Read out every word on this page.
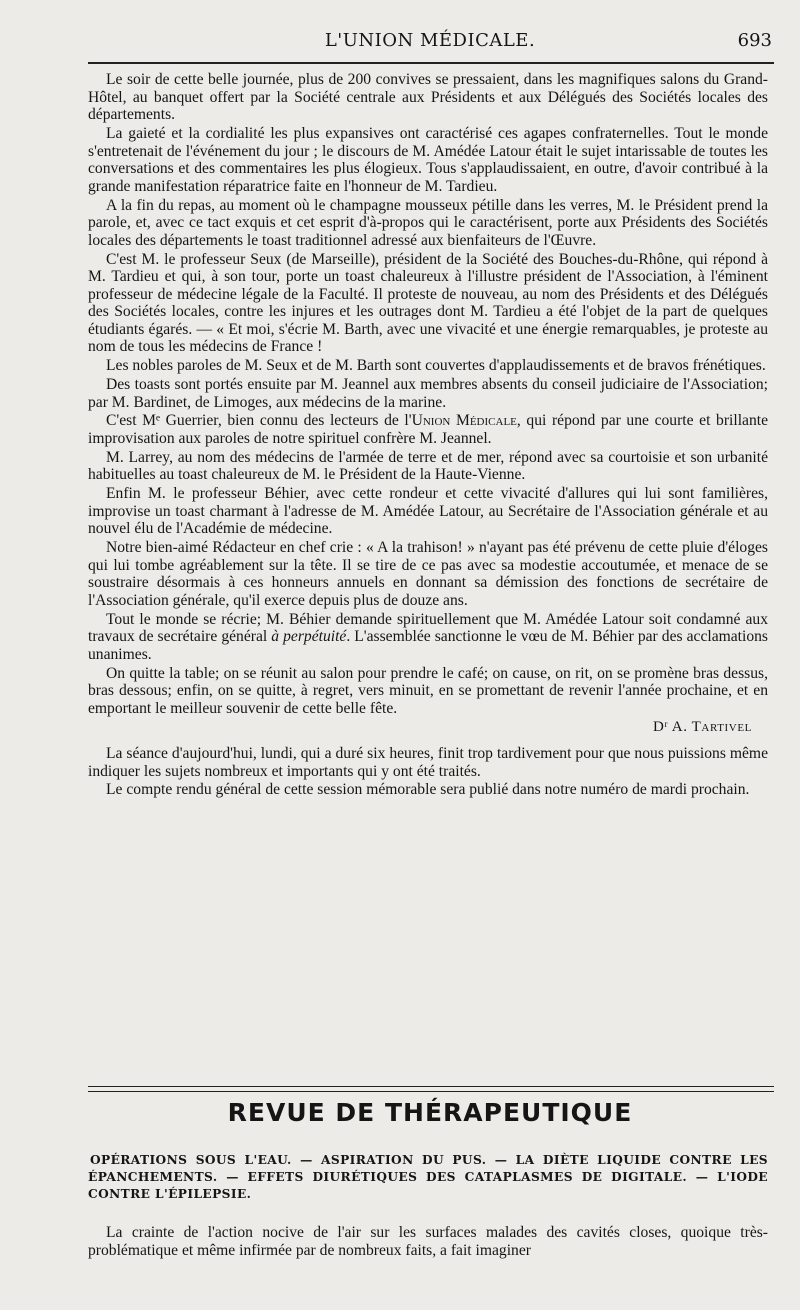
L'UNION MÉDICALE.	693

Le soir de cette belle journée, plus de 200 convives se pressaient, dans les magnifiques salons du Grand-Hôtel, au banquet offert par la Société centrale aux Présidents et aux Délégués des Sociétés locales des départements.

La gaieté et la cordialité les plus expansives ont caractérisé ces agapes confraternelles. Tout le monde s'entretenait de l'événement du jour ; le discours de M. Amédée Latour était le sujet intarissable de toutes les conversations et des commentaires les plus élogieux. Tous s'applaudissaient, en outre, d'avoir contribué à la grande manifestation réparatrice faite en l'honneur de M. Tardieu.

A la fin du repas, au moment où le champagne mousseux pétille dans les verres, M. le Président prend la parole, et, avec ce tact exquis et cet esprit d'à-propos qui le caractérisent, porte aux Présidents des Sociétés locales des départements le toast traditionnel adressé aux bienfaiteurs de l'Œuvre.

C'est M. le professeur Seux (de Marseille), président de la Société des Bouches-du-Rhône, qui répond à M. Tardieu et qui, à son tour, porte un toast chaleureux à l'illustre président de l'Association, à l'éminent professeur de médecine légale de la Faculté. Il proteste de nouveau, au nom des Présidents et des Délégués des Sociétés locales, contre les injures et les outrages dont M. Tardieu a été l'objet de la part de quelques étudiants égarés. — « Et moi, s'écrie M. Barth, avec une vivacité et une énergie remarquables, je proteste au nom de tous les médecins de France !

Les nobles paroles de M. Seux et de M. Barth sont couvertes d'applaudissements et de bravos frénétiques.

Des toasts sont portés ensuite par M. Jeannel aux membres absents du conseil judiciaire de l'Association; par M. Bardinet, de Limoges, aux médecins de la marine.

C'est Mᵉ Guerrier, bien connu des lecteurs de l'Union Médicale, qui répond par une courte et brillante improvisation aux paroles de notre spirituel confrère M. Jeannel.

M. Larrey, au nom des médecins de l'armée de terre et de mer, répond avec sa courtoisie et son urbanité habituelles au toast chaleureux de M. le Président de la Haute-Vienne.

Enfin M. le professeur Béhier, avec cette rondeur et cette vivacité d'allures qui lui sont familières, improvise un toast charmant à l'adresse de M. Amédée Latour, au Secrétaire de l'Association générale et au nouvel élu de l'Académie de médecine.

Notre bien-aimé Rédacteur en chef crie : « A la trahison! » n'ayant pas été prévenu de cette pluie d'éloges qui lui tombe agréablement sur la tête. Il se tire de ce pas avec sa modestie accoutumée, et menace de se soustraire désormais à ces honneurs annuels en donnant sa démission des fonctions de secrétaire de l'Association générale, qu'il exerce depuis plus de douze ans.

Tout le monde se récrie; M. Béhier demande spirituellement que M. Amédée Latour soit condamné aux travaux de secrétaire général à perpétuité. L'assemblée sanctionne le vœu de M. Béhier par des acclamations unanimes.

On quitte la table; on se réunit au salon pour prendre le café; on cause, on rit, on se promène bras dessus, bras dessous; enfin, on se quitte, à regret, vers minuit, en se promettant de revenir l'année prochaine, et en emportant le meilleur souvenir de cette belle fête.

Dʳ A. Tartivel

La séance d'aujourd'hui, lundi, qui a duré six heures, finit trop tardivement pour que nous puissions même indiquer les sujets nombreux et importants qui y ont été traités.

Le compte rendu général de cette session mémorable sera publié dans notre numéro de mardi prochain.

REVUE DE THÉRAPEUTIQUE
OPÉRATIONS SOUS L'EAU. — ASPIRATION DU PUS. — LA DIÈTE LIQUIDE CONTRE LES ÉPANCHEMENTS. — EFFETS DIURÉTIQUES DES CATAPLASMES DE DIGITALE. — L'IODE CONTRE L'ÉPILEPSIE.

La crainte de l'action nocive de l'air sur les surfaces malades des cavités closes, quoique très-problématique et même infirmée par de nombreux faits, a fait imaginer
